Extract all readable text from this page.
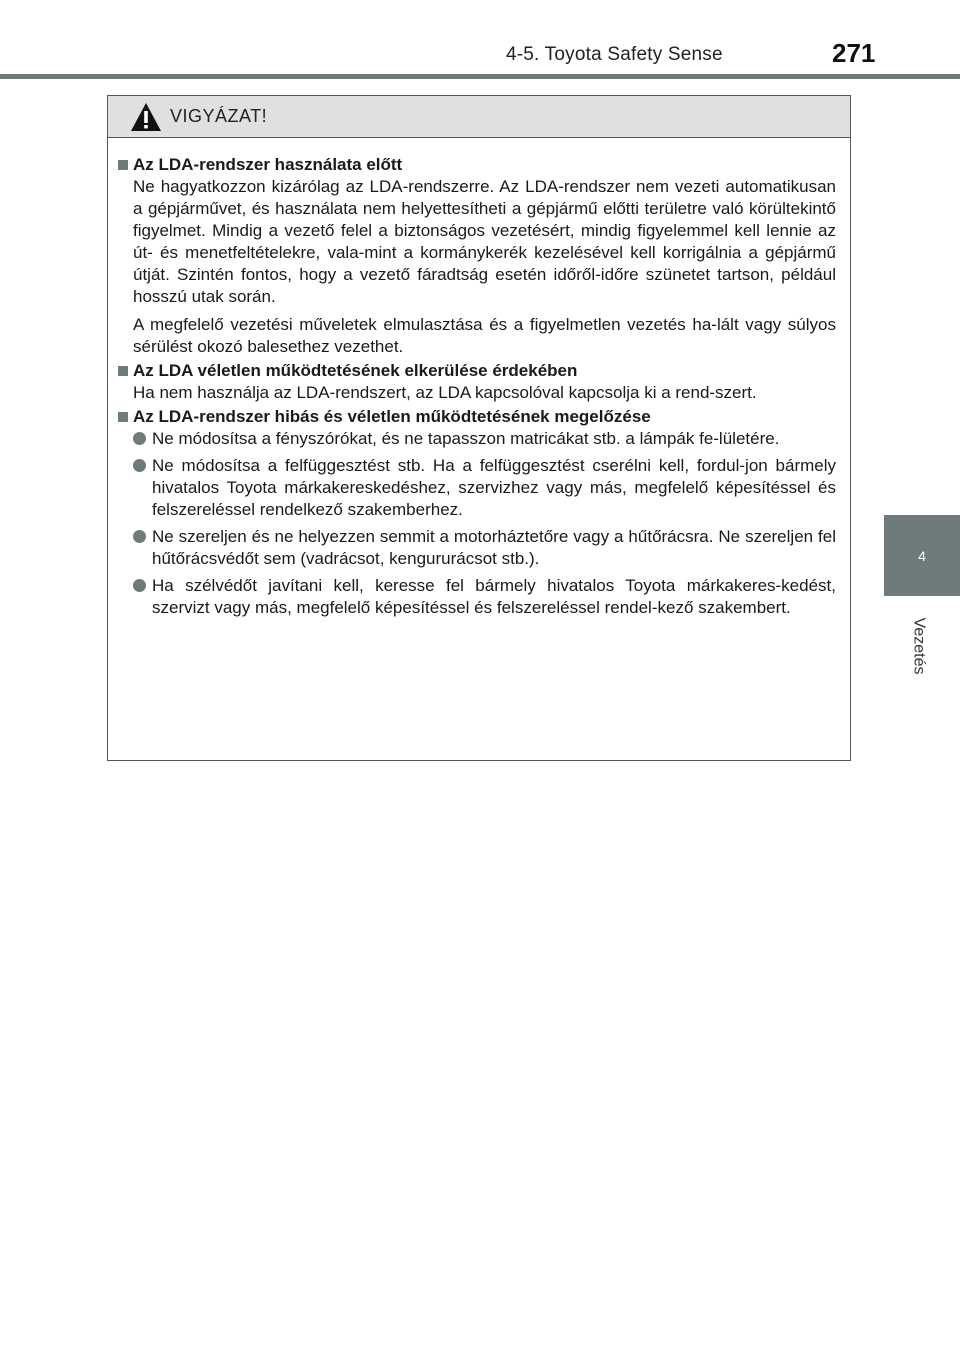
4-5. Toyota Safety Sense	271
4
Vezetés
VIGYÁZAT!
Az LDA-rendszer használata előtt
Ne hagyatkozzon kizárólag az LDA-rendszerre. Az LDA-rendszer nem vezeti automatikusan a gépjárművet, és használata nem helyettesítheti a gépjármű előtti területre való körültekintő figyelmet. Mindig a vezető felel a biztonságos vezetésért, mindig figyelemmel kell lennie az út- és menetfeltételekre, vala-mint a kormánykerék kezelésével kell korrigálnia a gépjármű útját. Szintén fontos, hogy a vezető fáradtság esetén időről-időre szünetet tartson, például hosszú utak során.
A megfelelő vezetési műveletek elmulasztása és a figyelmetlen vezetés ha-lált vagy súlyos sérülést okozó balesethez vezethet.
Az LDA véletlen működtetésének elkerülése érdekében
Ha nem használja az LDA-rendszert, az LDA kapcsolóval kapcsolja ki a rend-szert.
Az LDA-rendszer hibás és véletlen működtetésének megelőzése
Ne módosítsa a fényszórókat, és ne tapasszon matricákat stb. a lámpák fe-lületére.
Ne módosítsa a felfüggesztést stb. Ha a felfüggesztést cserélni kell, fordul-jon bármely hivatalos Toyota márkakereskedéshez, szervizhez vagy más, megfelelő képesítéssel és felszereléssel rendelkező szakemberhez.
Ne szereljen és ne helyezzen semmit a motorháztetőre vagy a hűtőrácsra. Ne szereljen fel hűtőrácsvédőt sem (vadrácsot, kengururácsot stb.).
Ha szélvédőt javítani kell, keresse fel bármely hivatalos Toyota márkakeres-kedést, szervizt vagy más, megfelelő képesítéssel és felszereléssel rendel-kező szakembert.
